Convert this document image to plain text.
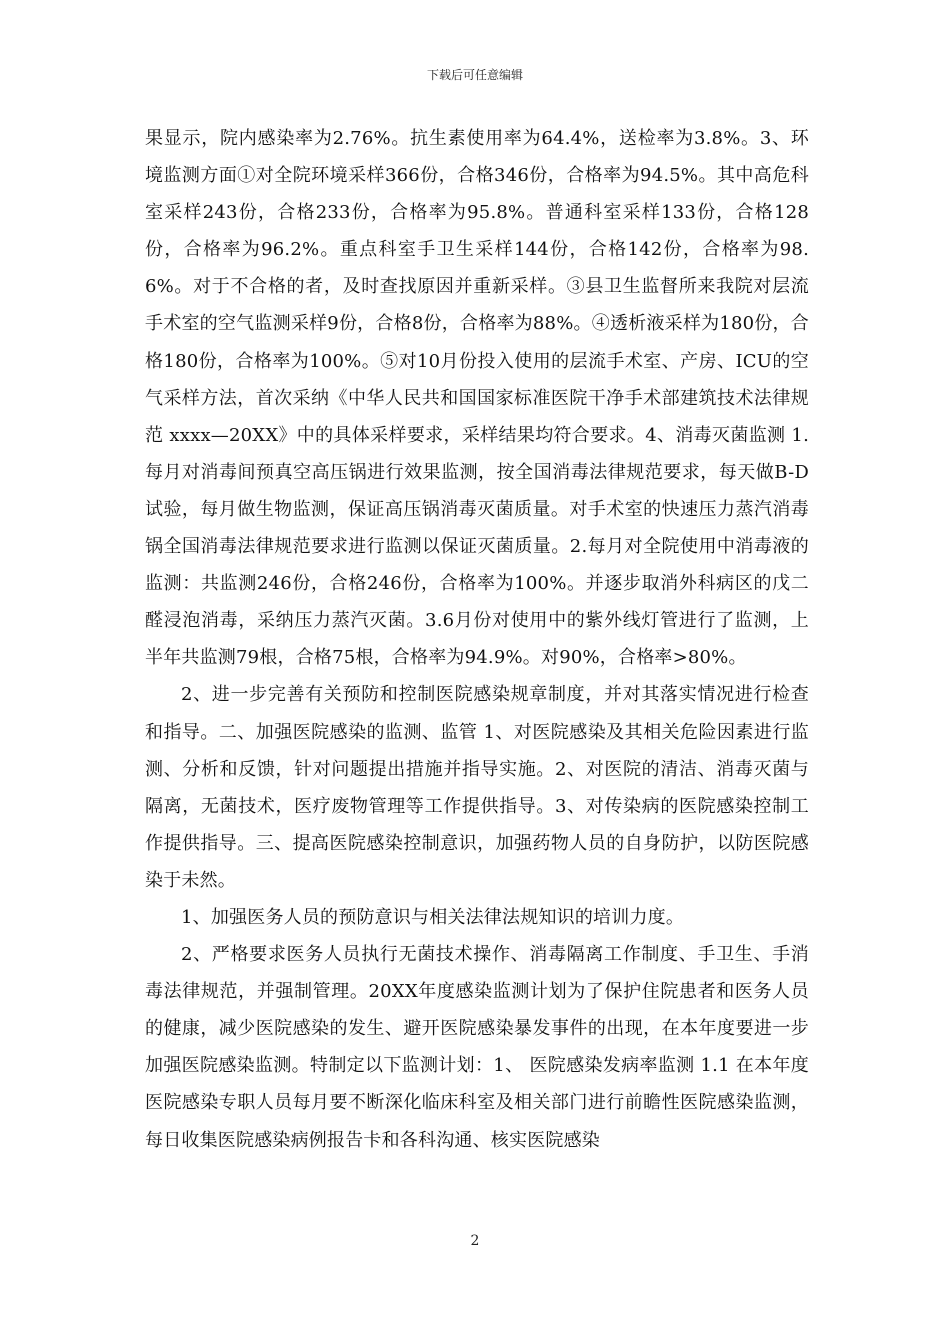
下载后可任意编辑

果显示，院内感染率为2.76%。抗生素使用率为64.4%，送检率为3.8%。3、环境监测方面①对全院环境采样366份，合格346份，合格率为94.5%。其中高危科室采样243份，合格233份，合格率为95.8%。普通科室采样133份，合格128份，合格率为96.2%。重点科室手卫生采样144份，合格142份，合格率为98.6%。对于不合格的者，及时查找原因并重新采样。③县卫生监督所来我院对层流手术室的空气监测采样9份，合格8份，合格率为88%。④透析液采样为180份，合格180份，合格率为100%。⑤对10月份投入使用的层流手术室、产房、ICU的空气采样方法，首次采纳《中华人民共和国国家标准医院干净手术部建筑技术法律规范 xxxx—20XX》中的具体采样要求，采样结果均符合要求。4、消毒灭菌监测 1.每月对消毒间预真空高压锅进行效果监测，按全国消毒法律规范要求，每天做B-D试验，每月做生物监测，保证高压锅消毒灭菌质量。对手术室的快速压力蒸汽消毒锅全国消毒法律规范要求进行监测以保证灭菌质量。2.每月对全院使用中消毒液的监测：共监测246份，合格246份，合格率为100%。并逐步取消外科病区的戊二醛浸泡消毒，采纳压力蒸汽灭菌。3.6月份对使用中的紫外线灯管进行了监测，上半年共监测79根，合格75根，合格率为94.9%。对90%，合格率>80%。

2、进一步完善有关预防和控制医院感染规章制度，并对其落实情况进行检查和指导。二、加强医院感染的监测、监管 1、对医院感染及其相关危险因素进行监测、分析和反馈，针对问题提出措施并指导实施。2、对医院的清洁、消毒灭菌与隔离，无菌技术，医疗废物管理等工作提供指导。3、对传染病的医院感染控制工作提供指导。三、提高医院感染控制意识，加强药物人员的自身防护，以防医院感染于未然。

1、加强医务人员的预防意识与相关法律法规知识的培训力度。

2、严格要求医务人员执行无菌技术操作、消毒隔离工作制度、手卫生、手消毒法律规范，并强制管理。20XX年度感染监测计划为了保护住院患者和医务人员的健康，减少医院感染的发生、避开医院感染暴发事件的出现，在本年度要进一步加强医院感染监测。特制定以下监测计划：1、 医院感染发病率监测 1.1 在本年度医院感染专职人员每月要不断深化临床科室及相关部门进行前瞻性医院感染监测，每日收集医院感染病例报告卡和各科沟通、核实医院感染

2
